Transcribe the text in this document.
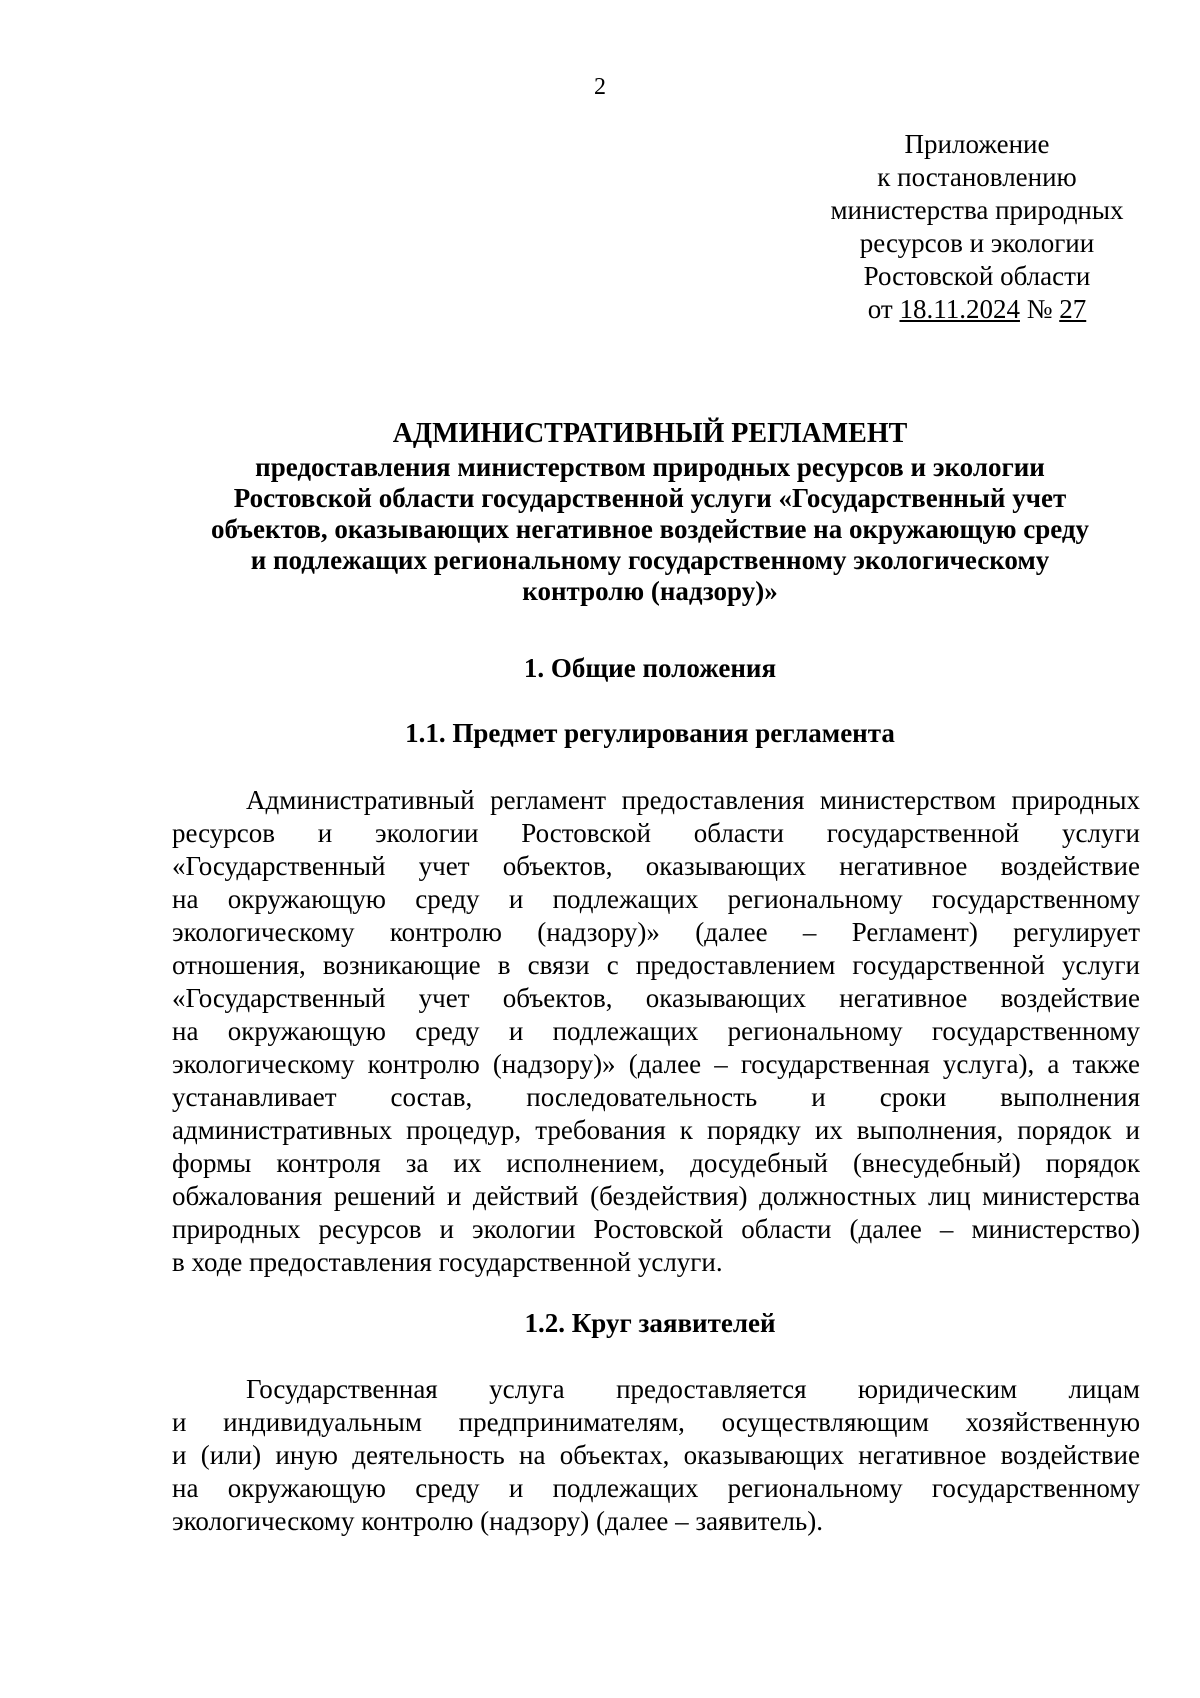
2
Приложение
к постановлению
министерства природных
ресурсов и экологии
Ростовской области
от 18.11.2024 № 27
АДМИНИСТРАТИВНЫЙ РЕГЛАМЕНТ
предоставления министерством природных ресурсов и экологии
Ростовской области государственной услуги «Государственный учет
объектов, оказывающих негативное воздействие на окружающую среду
и подлежащих региональному государственному экологическому
контролю (надзору)»
1. Общие положения
1.1. Предмет регулирования регламента
Административный регламент предоставления министерством природных
ресурсов и экологии Ростовской области государственной услуги
«Государственный учет объектов, оказывающих негативное воздействие
на окружающую среду и подлежащих региональному государственному
экологическому контролю (надзору)» (далее – Регламент) регулирует
отношения, возникающие в связи с предоставлением государственной услуги
«Государственный учет объектов, оказывающих негативное воздействие
на окружающую среду и подлежащих региональному государственному
экологическому контролю (надзору)» (далее – государственная услуга), а также
устанавливает состав, последовательность и сроки выполнения
административных процедур, требования к порядку их выполнения, порядок и
формы контроля за их исполнением, досудебный (внесудебный) порядок
обжалования решений и действий (бездействия) должностных лиц министерства
природных ресурсов и экологии Ростовской области (далее – министерство)
в ходе предоставления государственной услуги.
1.2. Круг заявителей
Государственная услуга предоставляется юридическим лицам
и индивидуальным предпринимателям, осуществляющим хозяйственную
и (или) иную деятельность на объектах, оказывающих негативное воздействие
на окружающую среду и подлежащих региональному государственному
экологическому контролю (надзору) (далее – заявитель).
